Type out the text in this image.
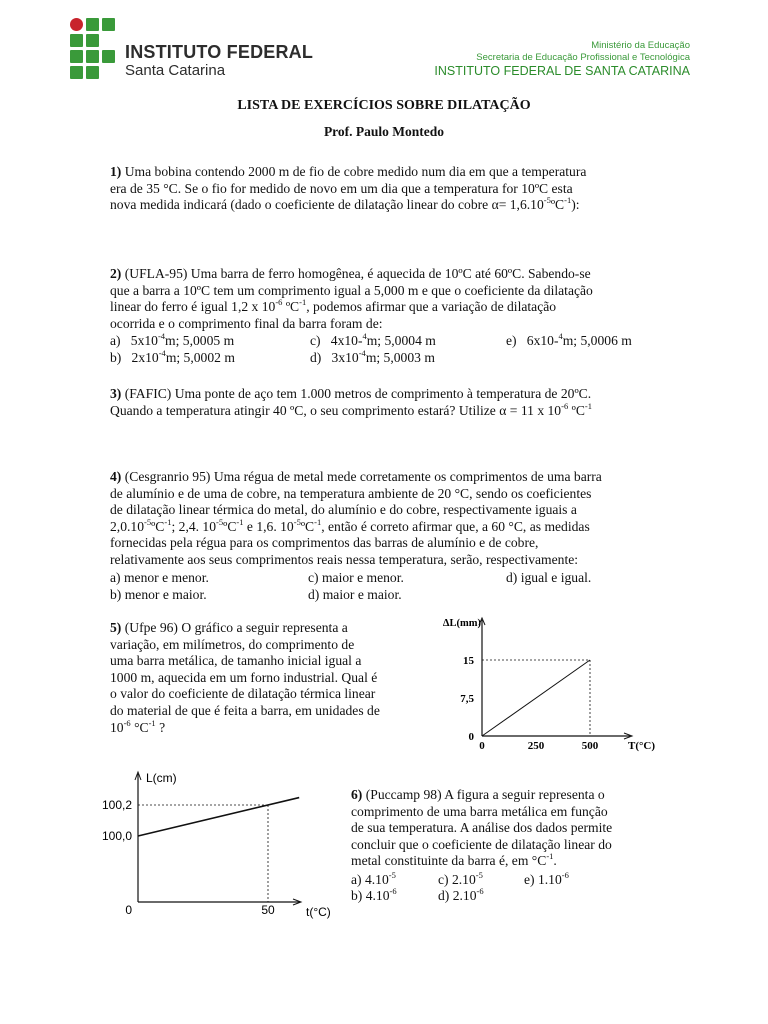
INSTITUTO FEDERAL
Santa Catarina
Ministério da Educação
Secretaria de Educação Profissional e Tecnológica
INSTITUTO FEDERAL DE SANTA CATARINA
LISTA DE EXERCÍCIOS SOBRE DILATAÇÃO
Prof. Paulo Montedo
1) Uma bobina contendo 2000 m de fio de cobre medido num dia em que a temperatura
era de 35 °C. Se o fio for medido de novo em um dia que a temperatura for 10ºC esta
nova medida indicará (dado o coeficiente de dilatação linear do cobre $\alpha= 1,6.10^{-5}ºC^{-1}$):
2) (UFLA-95) Uma barra de ferro homogênea, é aquecida de 10ºC até 60ºC. Sabendo-se
que a barra a 10ºC tem um comprimento igual a 5,000 m e que o coeficiente da dilatação
linear do ferro é igual 1,2 x $10^{-6}$ ºC$^{-1}$, podemos afirmar que a variação de dilatação
ocorrida e o comprimento final da barra foram de:
a) $5x10^{-4}m$; 5,0005 m	c) 4x10-$^4$m; 5,0004 m	e) 6x10-$^4$m; 5,0006 m
b) $2x10^{-4}m$; 5,0002 m	d) $3x10^{-4}m$; 5,0003 m
3) (FAFIC) Uma ponte de aço tem 1.000 metros de comprimento à temperatura de 20ºC.
Quando a temperatura atingir 40 ºC, o seu comprimento estará? Utilize α = 11 x $10^{-6}$ ºC$^{-1}$
4) (Cesgranrio 95) Uma régua de metal mede corretamente os comprimentos de uma barra
de alumínio e de uma de cobre, na temperatura ambiente de 20 °C, sendo os coeficientes
de dilatação linear térmica do metal, do alumínio e do cobre, respectivamente iguais a
$2,0.10^{-5}ºC^{-1}$; 2,4. $10^{-5}ºC^{-1}$ e 1,6. $10^{-5}ºC^{-1}$, então é correto afirmar que, a 60 °C, as medidas
fornecidas pela régua para os comprimentos das barras de alumínio e de cobre,
relativamente aos seus comprimentos reais nessa temperatura, serão, respectivamente:
a) menor e menor.	c) maior e menor.	d) igual e igual.
b) menor e maior.	d) maior e maior.
5) (Ufpe 96) O gráfico a seguir representa a
variação, em milímetros, do comprimento de
uma barra metálica, de tamanho inicial igual a
1000 m, aquecida em um forno industrial. Qual é
o valor do coeficiente de dilatação térmica linear
do material de que é feita a barra, em unidades de
$10^{-6}$ $^\circ C^{-1}$ ?
0	250	500
0
7,5
15
ΔL(mm)
T(°C)
6) (Puccamp 98) A figura a seguir representa o
comprimento de uma barra metálica em função
de sua temperatura. A análise dos dados permite
concluir que o coeficiente de dilatação linear do
metal constituinte da barra é, em $^\circ C^{-1}$.
a) $4.10^{-5}$	c) $2.10^{-5}$	e) $1.10^{-6}$
b) $4.10^{-6}$	d) $2.10^{-6}$
100,2
100,0
0	50
L(cm)
t(°C)
